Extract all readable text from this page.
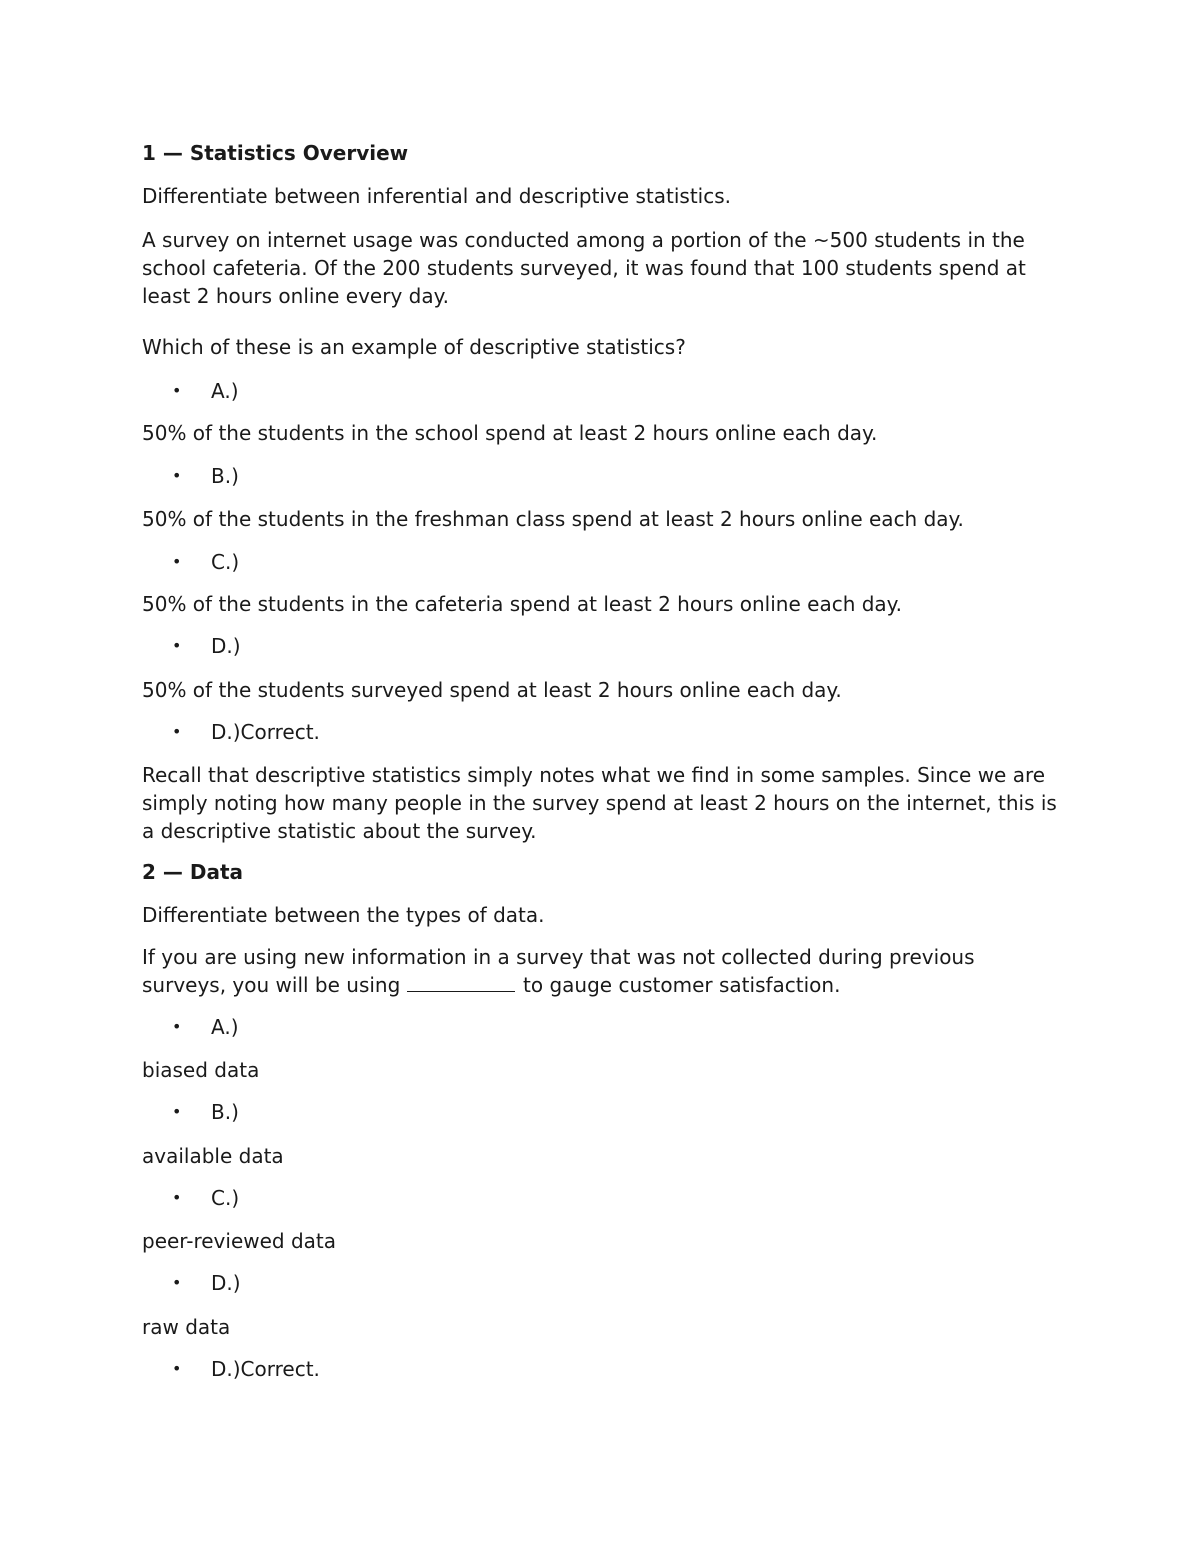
1 — Statistics Overview

Differentiate between inferential and descriptive statistics.

A survey on internet usage was conducted among a portion of the ~500 students in the school cafeteria. Of the 200 students surveyed, it was found that 100 students spend at least 2 hours online every day.

Which of these is an example of descriptive statistics?

• A.)

50% of the students in the school spend at least 2 hours online each day.

• B.)

50% of the students in the freshman class spend at least 2 hours online each day.

• C.)

50% of the students in the cafeteria spend at least 2 hours online each day.

• D.)

50% of the students surveyed spend at least 2 hours online each day.

• D.)Correct.

Recall that descriptive statistics simply notes what we find in some samples. Since we are simply noting how many people in the survey spend at least 2 hours on the internet, this is a descriptive statistic about the survey.

2 — Data

Differentiate between the types of data.

If you are using new information in a survey that was not collected during previous surveys, you will be using	to gauge customer satisfaction.

• A.)

biased data

• B.)

available data

• C.)

peer-reviewed data

• D.)

raw data

• D.)Correct.
